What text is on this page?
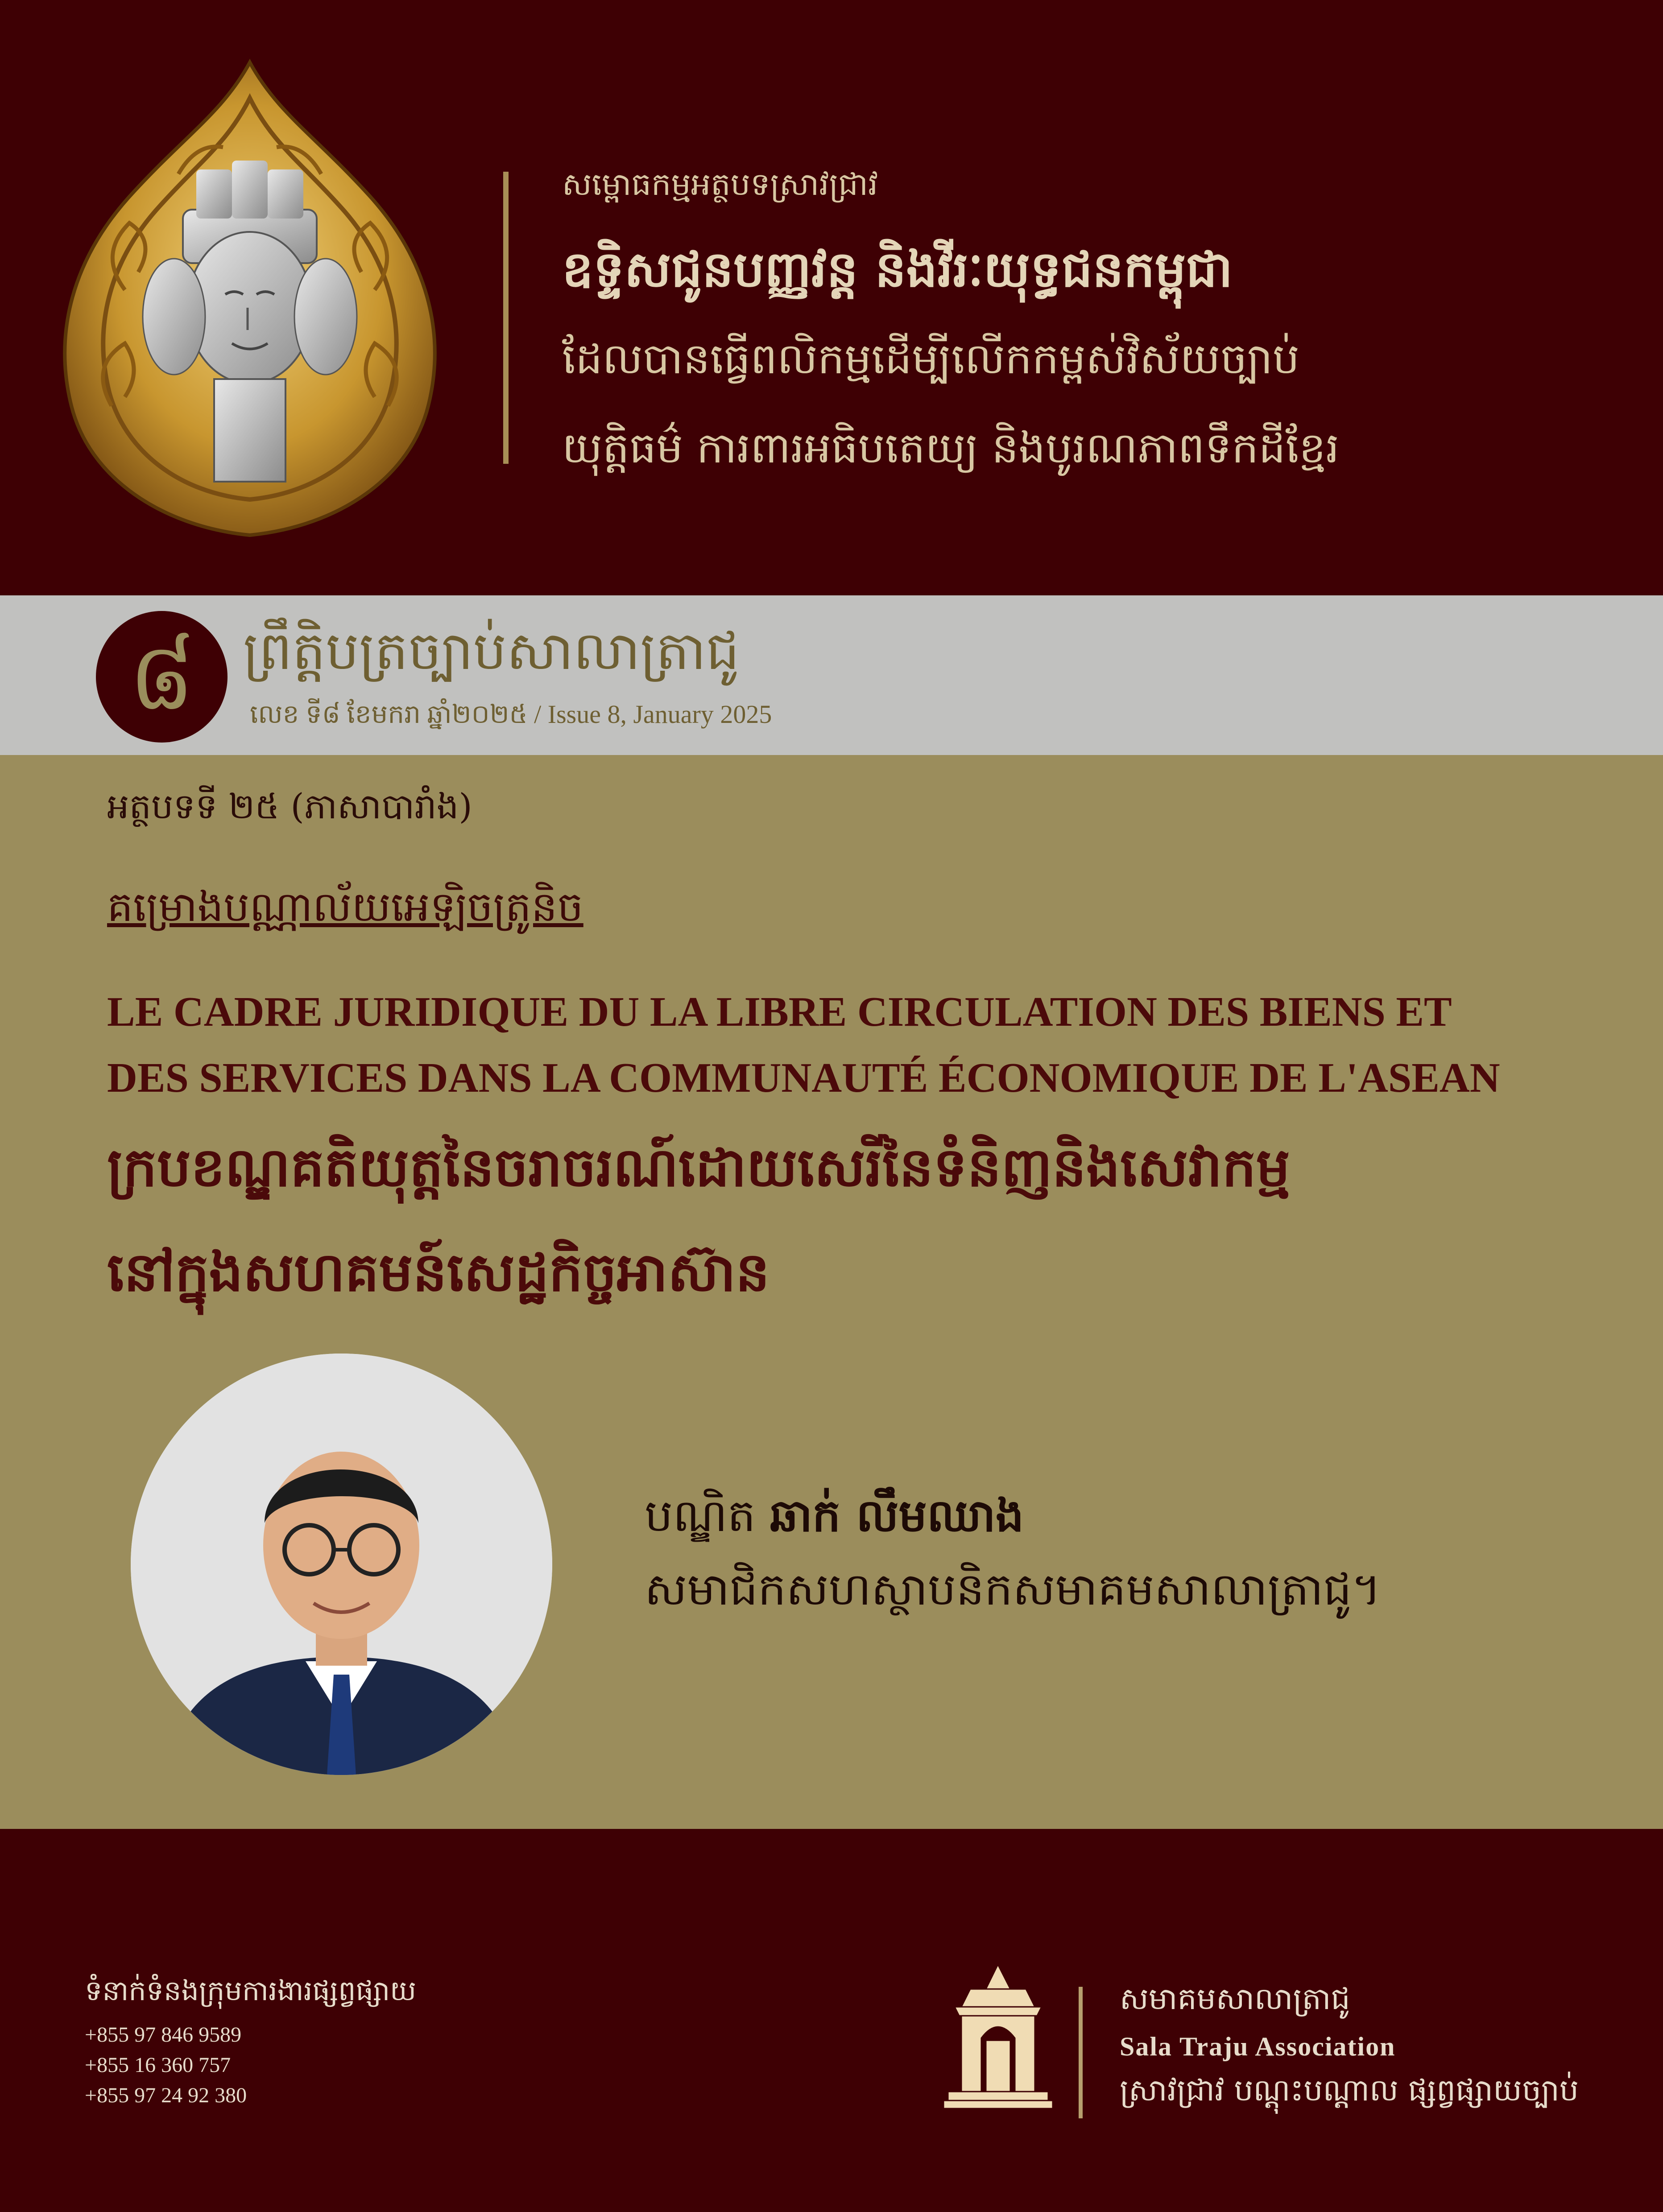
សម្ពោធកម្មអត្ថបទស្រាវជ្រាវ
ឧទ្ទិសជូនបញ្ញវន្ត និងវីរៈយុទ្ធជនកម្ពុជា
ដែលបានធ្វើពលិកម្មដើម្បីលើកកម្ពស់វិស័យច្បាប់
យុត្តិធម៌ ការពារអធិបតេយ្យ និងបូរណភាពទឹកដីខ្មែរ
៨ ព្រឹត្តិបត្រច្បាប់សាលាត្រាជូ
លេខ ទី៨ ខែមករា ឆ្នាំ២០២៥ / Issue 8, January 2025
អត្ថបទទី ២៥ (ភាសាបារាំង)
គម្រោងបណ្ណាល័យអេឡិចត្រូនិច
LE CADRE JURIDIQUE DU LA LIBRE CIRCULATION DES BIENS ET
DES SERVICES DANS LA COMMUNAUTÉ ÉCONOMIQUE DE L'ASEAN
ក្របខណ្ឌគតិយុត្តនៃចរាចរណ៍ដោយសេរីនៃទំនិញនិងសេវាកម្ម
នៅក្នុងសហគមន៍សេដ្ឋកិច្ចអាស៊ាន
បណ្ឌិត ឆាក់ លឹមឈាង
សមាជិកសហស្ថាបនិកសមាគមសាលាត្រាជូ។
ទំនាក់ទំនងក្រុមការងារផ្សព្វផ្សាយ
+855 97 846 9589
+855 16 360 757
+855 97 24 92 380
សមាគមសាលាត្រាជូ
Sala Traju Association
ស្រាវជ្រាវ បណ្តុះបណ្តាល ផ្សព្វផ្សាយច្បាប់
